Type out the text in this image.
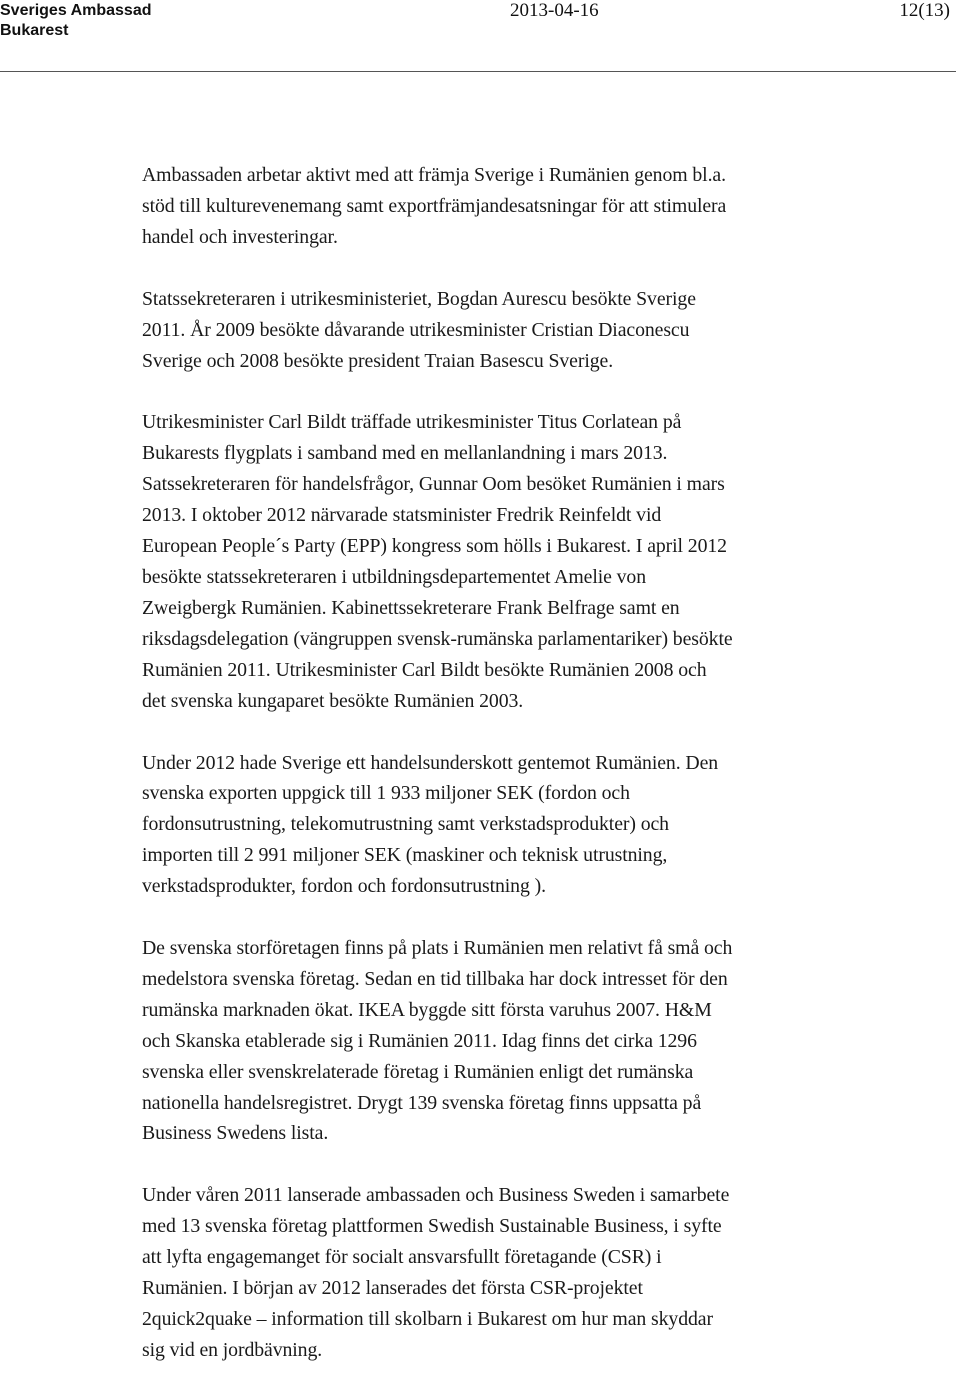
Sveriges Ambassad
Bukarest
2013-04-16	12(13)

Ambassaden arbetar aktivt med att främja Sverige i Rumänien genom bl.a.
stöd till kulturevenemang samt exportfrämjandesatsningar för att stimulera
handel och investeringar.

Statssekreteraren i utrikesministeriet, Bogdan Aurescu besökte Sverige
2011. År 2009 besökte dåvarande utrikesminister Cristian Diaconescu
Sverige och 2008 besökte president Traian Basescu Sverige.

Utrikesminister Carl Bildt träffade utrikesminister Titus Corlatean på
Bukarests flygplats i samband med en mellanlandning i mars 2013.
Satssekreteraren för handelsfrågor, Gunnar Oom besöket Rumänien i mars
2013. I oktober 2012 närvarade statsminister Fredrik Reinfeldt vid
European People´s Party (EPP) kongress som hölls i Bukarest. I april 2012
besökte statssekreteraren i utbildningsdepartementet Amelie von
Zweigbergk Rumänien. Kabinettssekreterare Frank Belfrage samt en
riksdagsdelegation (vängruppen svensk-rumänska parlamentariker) besökte
Rumänien 2011. Utrikesminister Carl Bildt besökte Rumänien 2008 och
det svenska kungaparet besökte Rumänien 2003.

Under 2012 hade Sverige ett handelsunderskott gentemot Rumänien. Den
svenska exporten uppgick till 1 933 miljoner SEK (fordon och
fordonsutrustning, telekomutrustning samt verkstadsprodukter) och
importen till 2 991 miljoner SEK (maskiner och teknisk utrustning,
verkstadsprodukter, fordon och fordonsutrustning ).

De svenska storföretagen finns på plats i Rumänien men relativt få små och
medelstora svenska företag. Sedan en tid tillbaka har dock intresset för den
rumänska marknaden ökat. IKEA byggde sitt första varuhus 2007. H&M
och Skanska etablerade sig i Rumänien 2011. Idag finns det cirka 1296
svenska eller svenskrelaterade företag i Rumänien enligt det rumänska
nationella handelsregistret. Drygt 139 svenska företag finns uppsatta på
Business Swedens lista.

Under våren 2011 lanserade ambassaden och Business Sweden i samarbete
med 13 svenska företag plattformen Swedish Sustainable Business, i syfte
att lyfta engagemanget för socialt ansvarsfullt företagande (CSR) i
Rumänien. I början av 2012 lanserades det första CSR-projektet
2quick2quake – information till skolbarn i Bukarest om hur man skyddar
sig vid en jordbävning.
